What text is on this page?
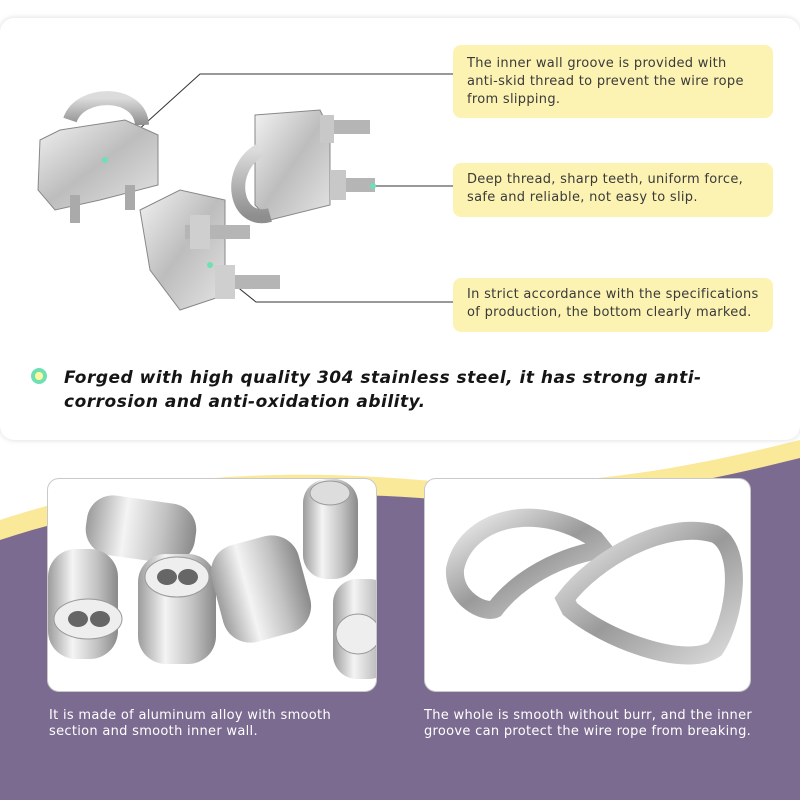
The inner wall groove is provided with anti-skid thread to prevent the wire rope from slipping.
Deep thread, sharp teeth, uniform force, safe and reliable, not easy to slip.
In strict accordance with the specifications of production, the bottom clearly marked.
Forged with high quality 304 stainless steel, it has strong anti-corrosion and anti-oxidation ability.
It is made of aluminum alloy with smooth section and smooth inner wall.
The whole is smooth without burr, and the inner groove can protect the wire rope from breaking.
